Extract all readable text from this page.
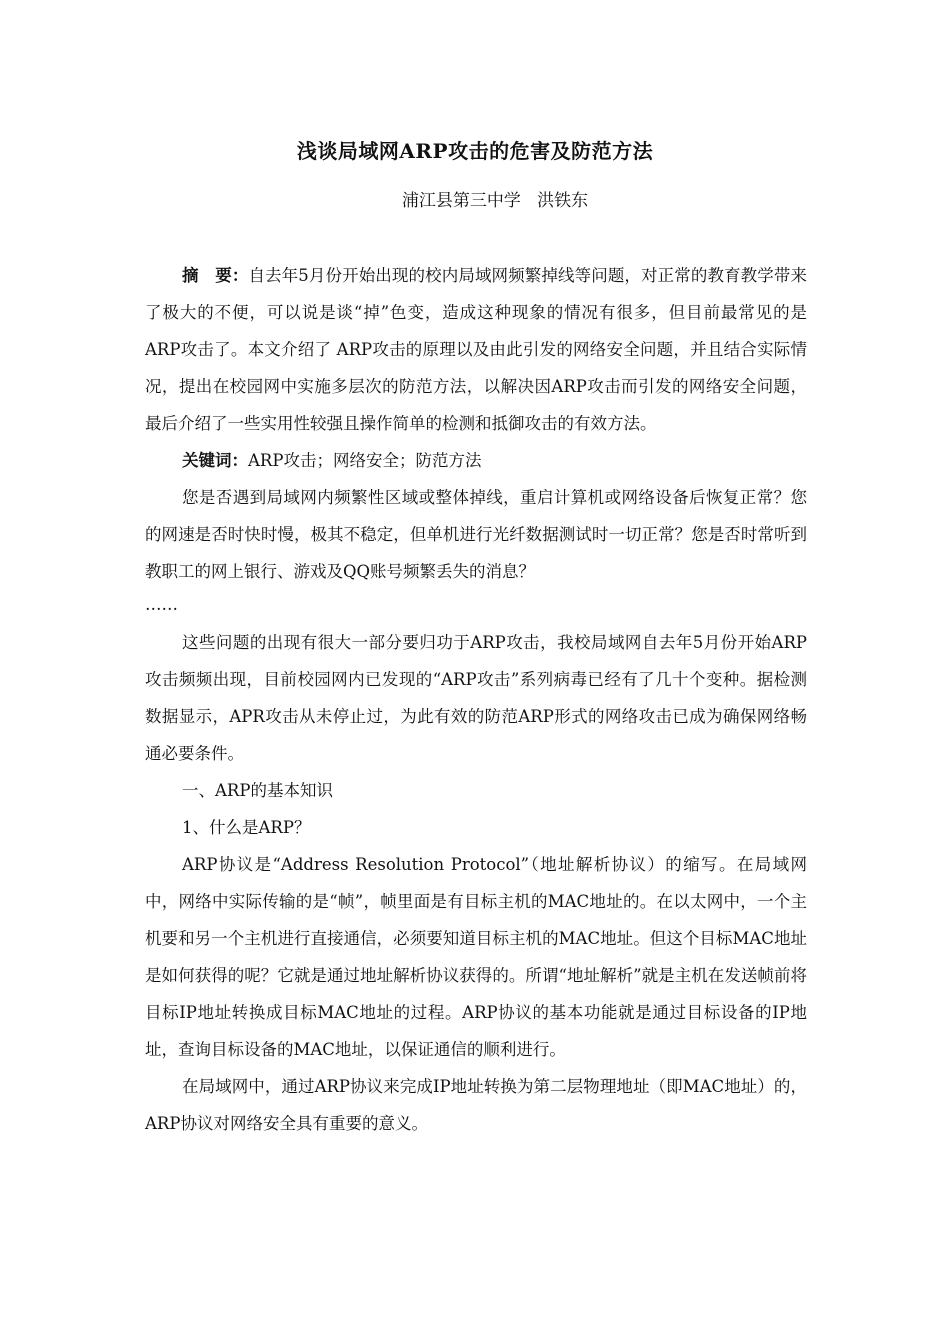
浅谈局域网ARP攻击的危害及防范方法
浦江县第三中学   洪铁东

摘　要：自去年5月份开始出现的校内局域网频繁掉线等问题，对正常的教育教学带来了极大的不便，可以说是谈“掉”色变，造成这种现象的情况有很多，但目前最常见的是ARP攻击了。本文介绍了 ARP攻击的原理以及由此引发的网络安全问题，并且结合实际情况，提出在校园网中实施多层次的防范方法，以解决因ARP攻击而引发的网络安全问题，最后介绍了一些实用性较强且操作简单的检测和抵御攻击的有效方法。

关键词：ARP攻击；网络安全；防范方法

您是否遇到局域网内频繁性区域或整体掉线，重启计算机或网络设备后恢复正常？您的网速是否时快时慢，极其不稳定，但单机进行光纤数据测试时一切正常？您是否时常听到教职工的网上银行、游戏及QQ账号频繁丢失的消息？

……

这些问题的出现有很大一部分要归功于ARP攻击，我校局域网自去年5月份开始ARP攻击频频出现，目前校园网内已发现的“ARP攻击”系列病毒已经有了几十个变种。据检测数据显示，APR攻击从未停止过，为此有效的防范ARP形式的网络攻击已成为确保网络畅通必要条件。

一、ARP的基本知识

1、什么是ARP？

ARP协议是“Address Resolution Protocol”（地址解析协议）的缩写。在局域网中，网络中实际传输的是“帧”，帧里面是有目标主机的MAC地址的。在以太网中，一个主机要和另一个主机进行直接通信，必须要知道目标主机的MAC地址。但这个目标MAC地址是如何获得的呢？它就是通过地址解析协议获得的。所谓“地址解析”就是主机在发送帧前将目标IP地址转换成目标MAC地址的过程。ARP协议的基本功能就是通过目标设备的IP地址，查询目标设备的MAC地址，以保证通信的顺利进行。

在局域网中，通过ARP协议来完成IP地址转换为第二层物理地址（即MAC地址）的，ARP协议对网络安全具有重要的意义。
